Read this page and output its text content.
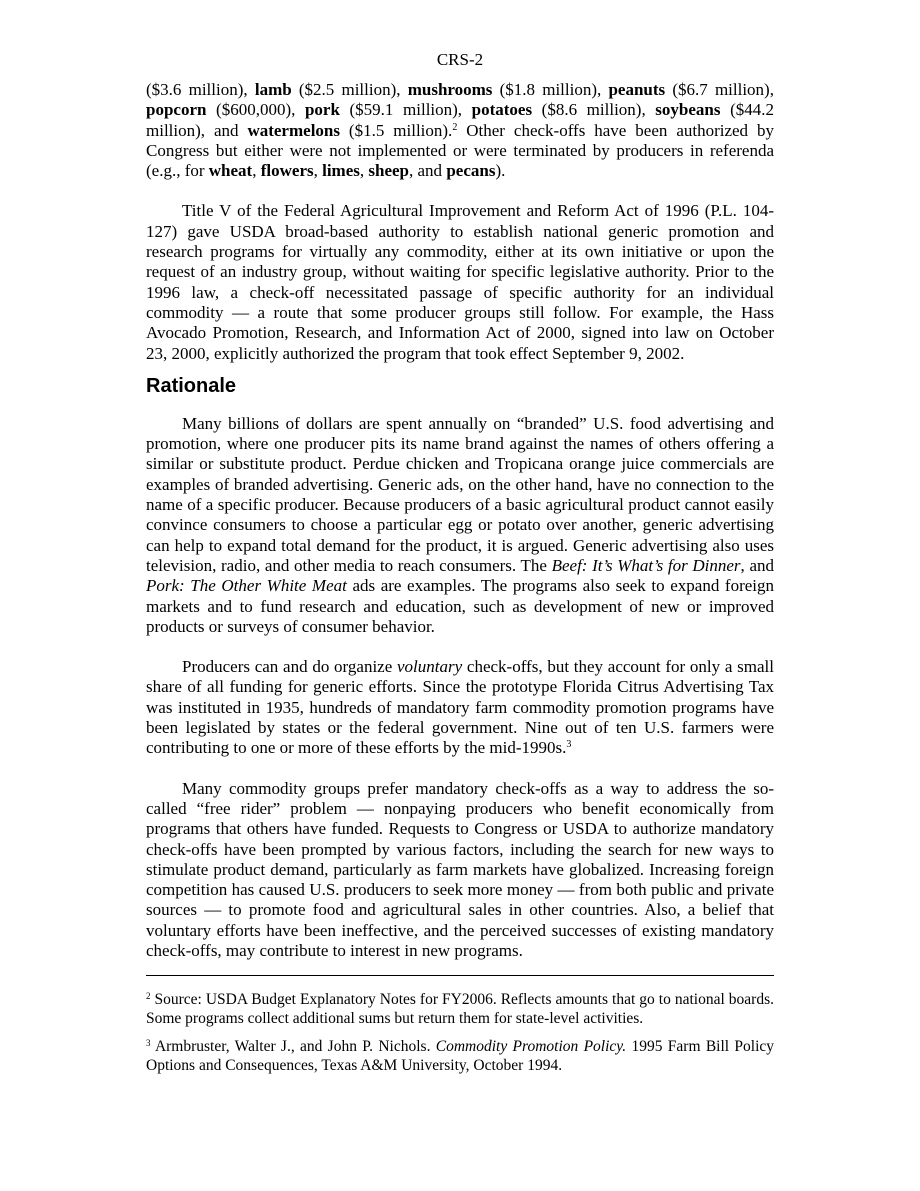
CRS-2

($3.6 million), lamb ($2.5 million), mushrooms ($1.8 million), peanuts ($6.7 million), popcorn ($600,000), pork ($59.1 million), potatoes ($8.6 million), soybeans ($44.2 million), and watermelons ($1.5 million).$^2$ Other check-offs have been authorized by Congress but either were not implemented or were terminated by producers in referenda (e.g., for wheat, flowers, limes, sheep, and pecans).

Title V of the Federal Agricultural Improvement and Reform Act of 1996 (P.L. 104-127) gave USDA broad-based authority to establish national generic promotion and research programs for virtually any commodity, either at its own initiative or upon the request of an industry group, without waiting for specific legislative authority. Prior to the 1996 law, a check-off necessitated passage of specific authority for an individual commodity — a route that some producer groups still follow. For example, the Hass Avocado Promotion, Research, and Information Act of 2000, signed into law on October 23, 2000, explicitly authorized the program that took effect September 9, 2002.

Rationale

Many billions of dollars are spent annually on “branded” U.S. food advertising and promotion, where one producer pits its name brand against the names of others offering a similar or substitute product. Perdue chicken and Tropicana orange juice commercials are examples of branded advertising. Generic ads, on the other hand, have no connection to the name of a specific producer. Because producers of a basic agricultural product cannot easily convince consumers to choose a particular egg or potato over another, generic advertising can help to expand total demand for the product, it is argued. Generic advertising also uses television, radio, and other media to reach consumers. The Beef: It’s What’s for Dinner, and Pork: The Other White Meat ads are examples. The programs also seek to expand foreign markets and to fund research and education, such as development of new or improved products or surveys of consumer behavior.

Producers can and do organize voluntary check-offs, but they account for only a small share of all funding for generic efforts. Since the prototype Florida Citrus Advertising Tax was instituted in 1935, hundreds of mandatory farm commodity promotion programs have been legislated by states or the federal government. Nine out of ten U.S. farmers were contributing to one or more of these efforts by the mid-1990s.$^3$

Many commodity groups prefer mandatory check-offs as a way to address the so-called “free rider” problem — nonpaying producers who benefit economically from programs that others have funded. Requests to Congress or USDA to authorize mandatory check-offs have been prompted by various factors, including the search for new ways to stimulate product demand, particularly as farm markets have globalized. Increasing foreign competition has caused U.S. producers to seek more money — from both public and private sources — to promote food and agricultural sales in other countries. Also, a belief that voluntary efforts have been ineffective, and the perceived successes of existing mandatory check-offs, may contribute to interest in new programs.

$^2$ Source: USDA Budget Explanatory Notes for FY2006. Reflects amounts that go to national boards. Some programs collect additional sums but return them for state-level activities.
$^3$ Armbruster, Walter J., and John P. Nichols. Commodity Promotion Policy. 1995 Farm Bill Policy Options and Consequences, Texas A&M University, October 1994.
